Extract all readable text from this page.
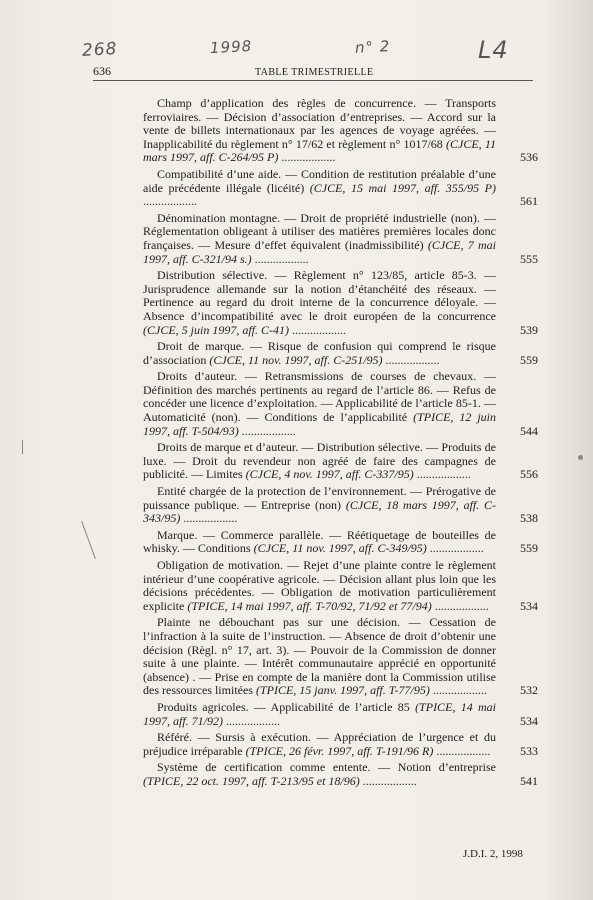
268	1998	n° 2	L4
636	TABLE TRIMESTRIELLE

Champ d’application des règles de concurrence. — Transports ferroviaires. — Décision d’association d’entreprises. — Accord sur la vente de billets internationaux par les agences de voyage agréées. — Inapplicabilité du règlement n° 17/62 et règlement n° 1017/68 (CJCE, 11 mars 1997, aff. C-264/95 P) ..................	536

Compatibilité d’une aide. — Condition de restitution préalable d’une aide précédente illégale (licéité) (CJCE, 15 mai 1997, aff. 355/95 P) ..................	561

Dénomination montagne. — Droit de propriété industrielle (non). — Réglementation obligeant à utiliser des matières premières locales donc françaises. — Mesure d’effet équivalent (inadmissibilité) (CJCE, 7 mai 1997, aff. C-321/94 s.) ..................	555

Distribution sélective. — Règlement n° 123/85, article 85-3. — Jurisprudence allemande sur la notion d’étanchéité des réseaux. — Pertinence au regard du droit interne de la concurrence déloyale. — Absence d’incompatibilité avec le droit européen de la concurrence (CJCE, 5 juin 1997, aff. C-41) ..................	539

Droit de marque. — Risque de confusion qui comprend le risque d’association (CJCE, 11 nov. 1997, aff. C-251/95) ..................	559

Droits d’auteur. — Retransmissions de courses de chevaux. — Définition des marchés pertinents au regard de l’article 86. — Refus de concéder une licence d’exploitation. — Applicabilité de l’article 85-1. — Automaticité (non). — Conditions de l’applicabilité (TPICE, 12 juin 1997, aff. T-504/93) ..................	544

Droits de marque et d’auteur. — Distribution sélective. — Produits de luxe. — Droit du revendeur non agréé de faire des campagnes de publicité. — Limites (CJCE, 4 nov. 1997, aff. C-337/95) ..................	556

Entité chargée de la protection de l’environnement. — Prérogative de puissance publique. — Entreprise (non) (CJCE, 18 mars 1997, aff. C-343/95) ..................	538

Marque. — Commerce parallèle. — Réétiquetage de bouteilles de whisky. — Conditions (CJCE, 11 nov. 1997, aff. C-349/95) ..................	559

Obligation de motivation. — Rejet d’une plainte contre le règlement intérieur d’une coopérative agricole. — Décision allant plus loin que les décisions précédentes. — Obligation de motivation particulièrement explicite (TPICE, 14 mai 1997, aff. T-70/92, 71/92 et 77/94) ..................	534

Plainte ne débouchant pas sur une décision. — Cessation de l’infraction à la suite de l’instruction. — Absence de droit d’obtenir une décision (Règl. n° 17, art. 3). — Pouvoir de la Commission de donner suite à une plainte. — Intérêt communautaire apprécié en opportunité (absence) . — Prise en compte de la manière dont la Commission utilise des ressources limitées (TPICE, 15 janv. 1997, aff. T-77/95) ..................	532

Produits agricoles. — Applicabilité de l’article 85 (TPICE, 14 mai 1997, aff. 71/92) ..................	534

Référé. — Sursis à exécution. — Appréciation de l’urgence et du préjudice irréparable (TPICE, 26 févr. 1997, aff. T-191/96 R) ..................	533

Système de certification comme entente. — Notion d’entreprise (TPICE, 22 oct. 1997, aff. T-213/95 et 18/96) ..................	541
J.D.I. 2, 1998
